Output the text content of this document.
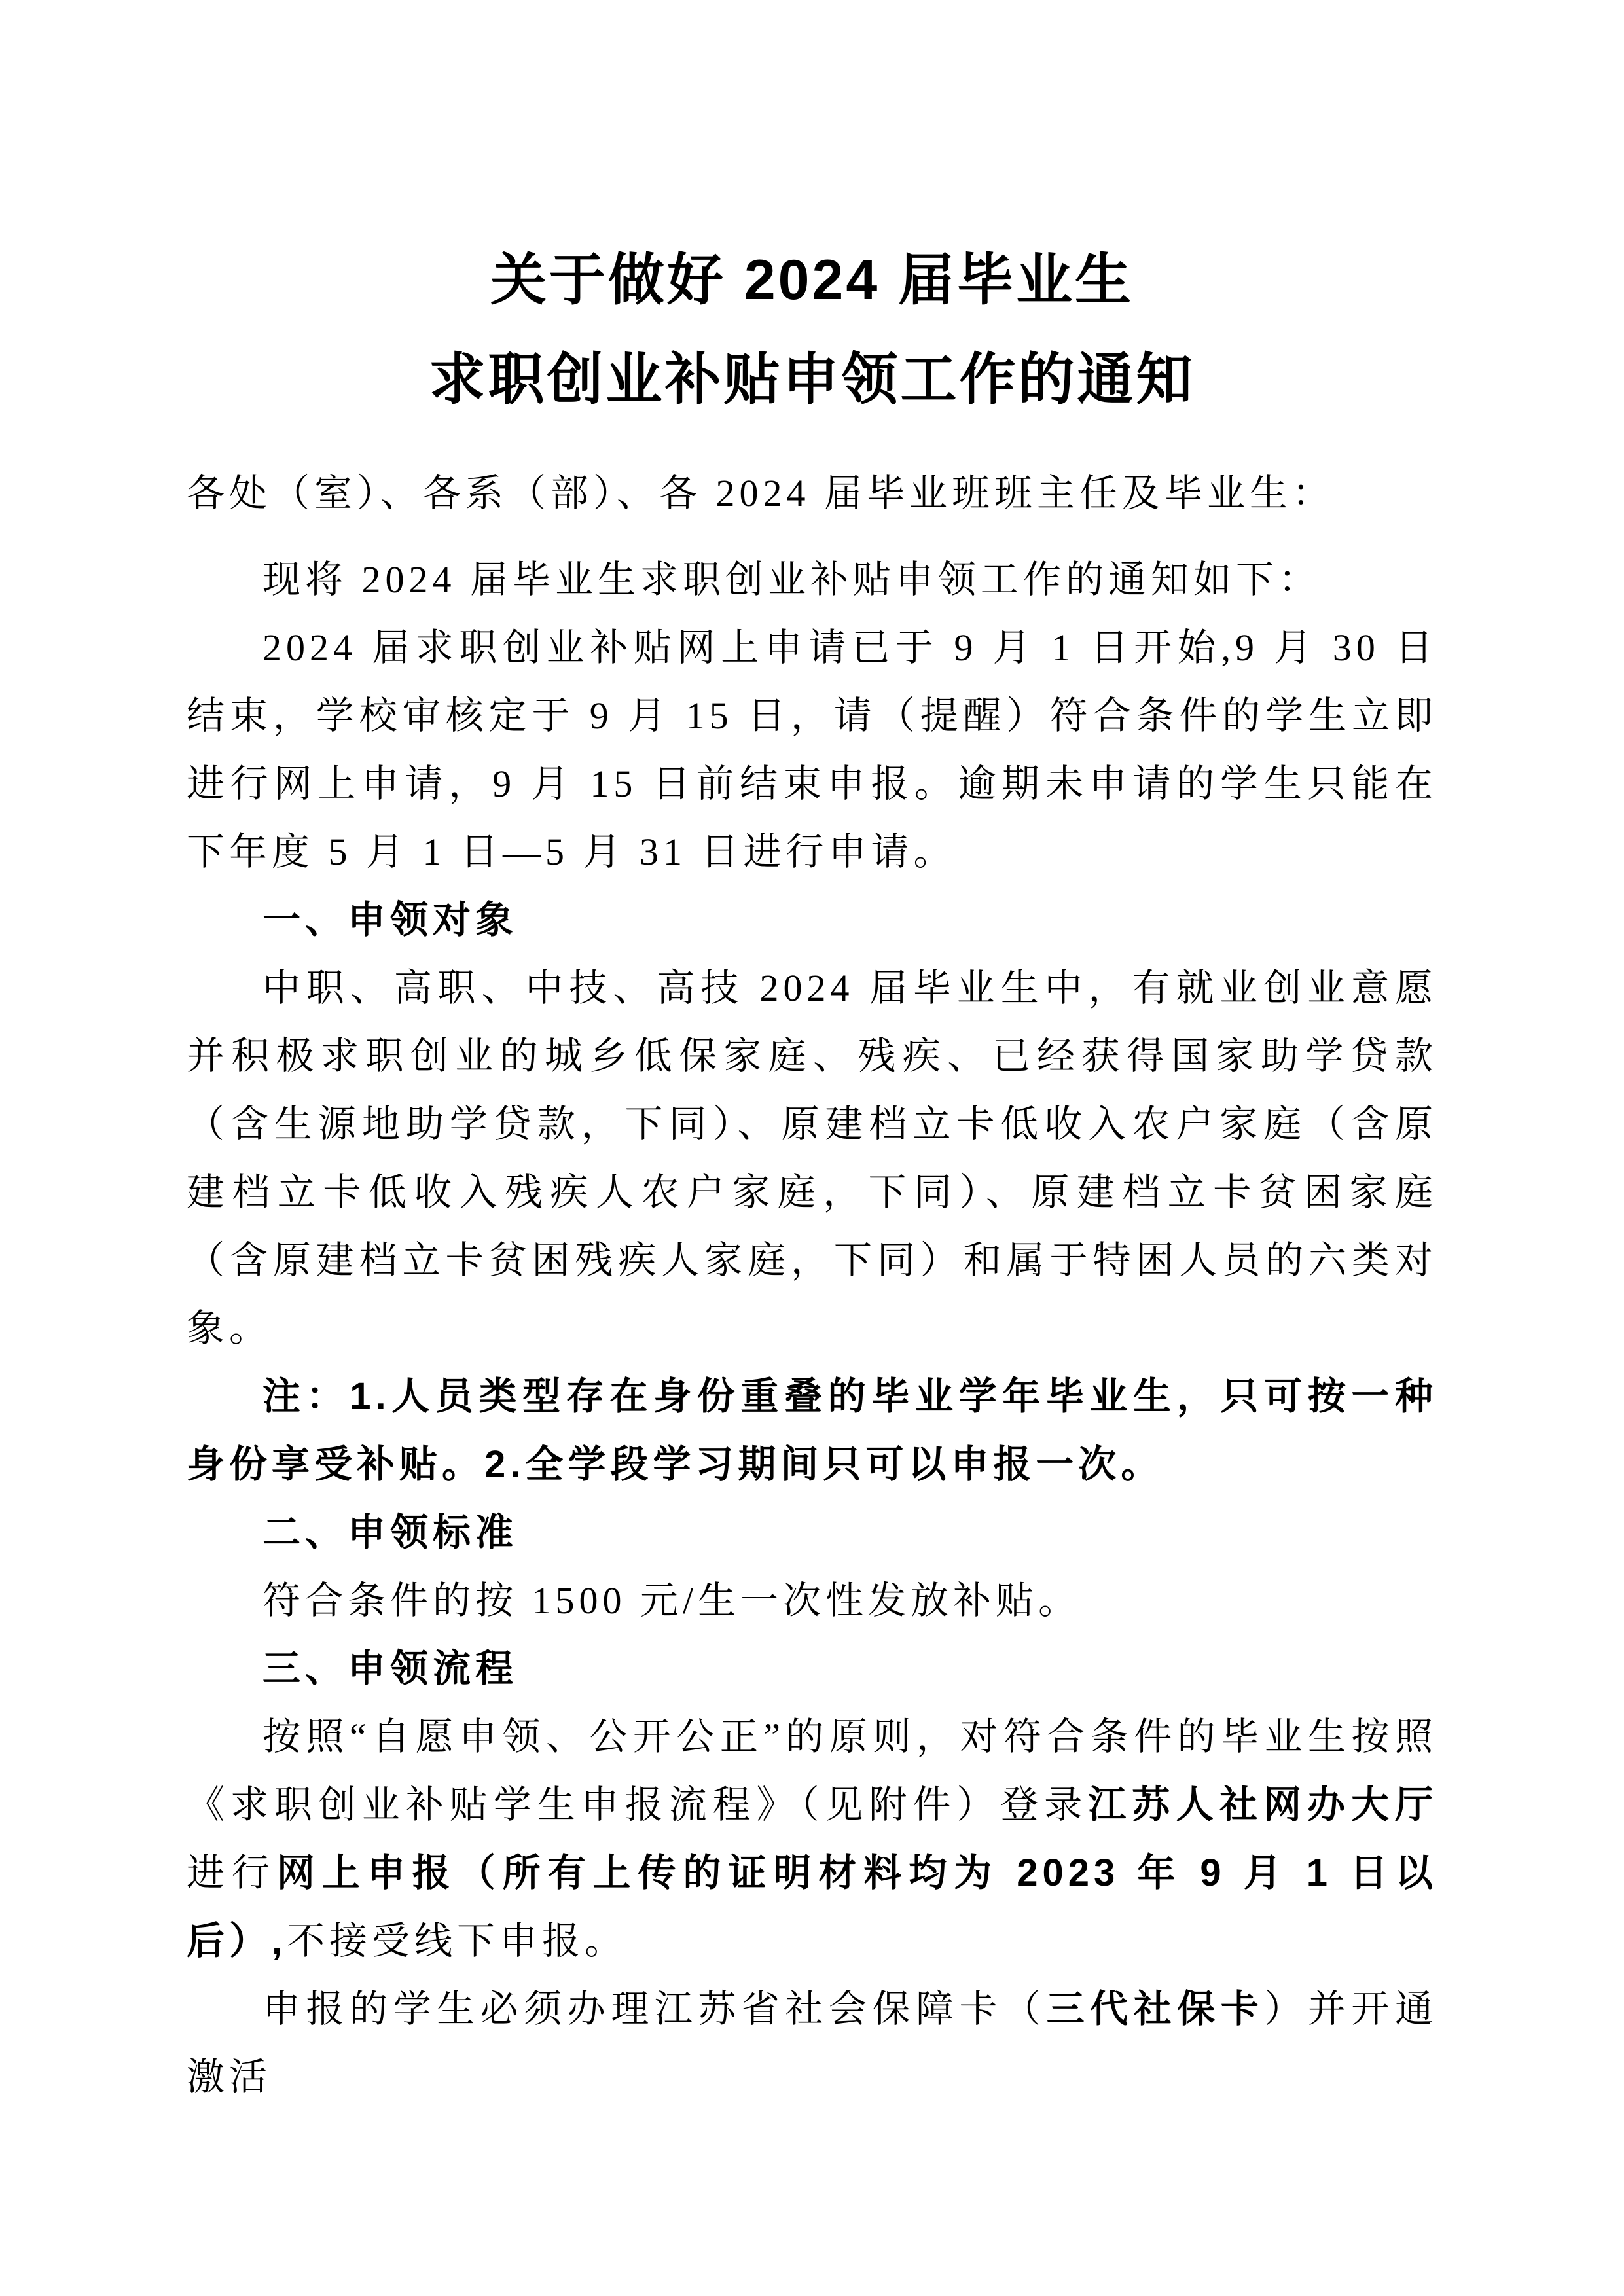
关于做好 2024 届毕业生
求职创业补贴申领工作的通知

各处（室）、各系（部）、各 2024 届毕业班班主任及毕业生：

现将 2024 届毕业生求职创业补贴申领工作的通知如下：

2024 届求职创业补贴网上申请已于 9 月 1 日开始,9 月 30 日结束，学校审核定于 9 月 15 日，请（提醒）符合条件的学生立即进行网上申请，9 月 15 日前结束申报。逾期未申请的学生只能在下年度 5 月 1 日—5 月 31 日进行申请。

一、申领对象

中职、高职、中技、高技 2024 届毕业生中，有就业创业意愿并积极求职创业的城乡低保家庭、残疾、已经获得国家助学贷款（含生源地助学贷款，下同）、原建档立卡低收入农户家庭（含原建档立卡低收入残疾人农户家庭，下同）、原建档立卡贫困家庭（含原建档立卡贫困残疾人家庭，下同）和属于特困人员的六类对象。

注：1.人员类型存在身份重叠的毕业学年毕业生，只可按一种身份享受补贴。2.全学段学习期间只可以申报一次。

二、申领标准

符合条件的按 1500 元/生一次性发放补贴。

三、申领流程

按照“自愿申领、公开公正”的原则，对符合条件的毕业生按照《求职创业补贴学生申报流程》（见附件）登录江苏人社网办大厅进行网上申报（所有上传的证明材料均为 2023 年 9 月 1 日以后）,不接受线下申报。

申报的学生必须办理江苏省社会保障卡（三代社保卡）并开通激活
